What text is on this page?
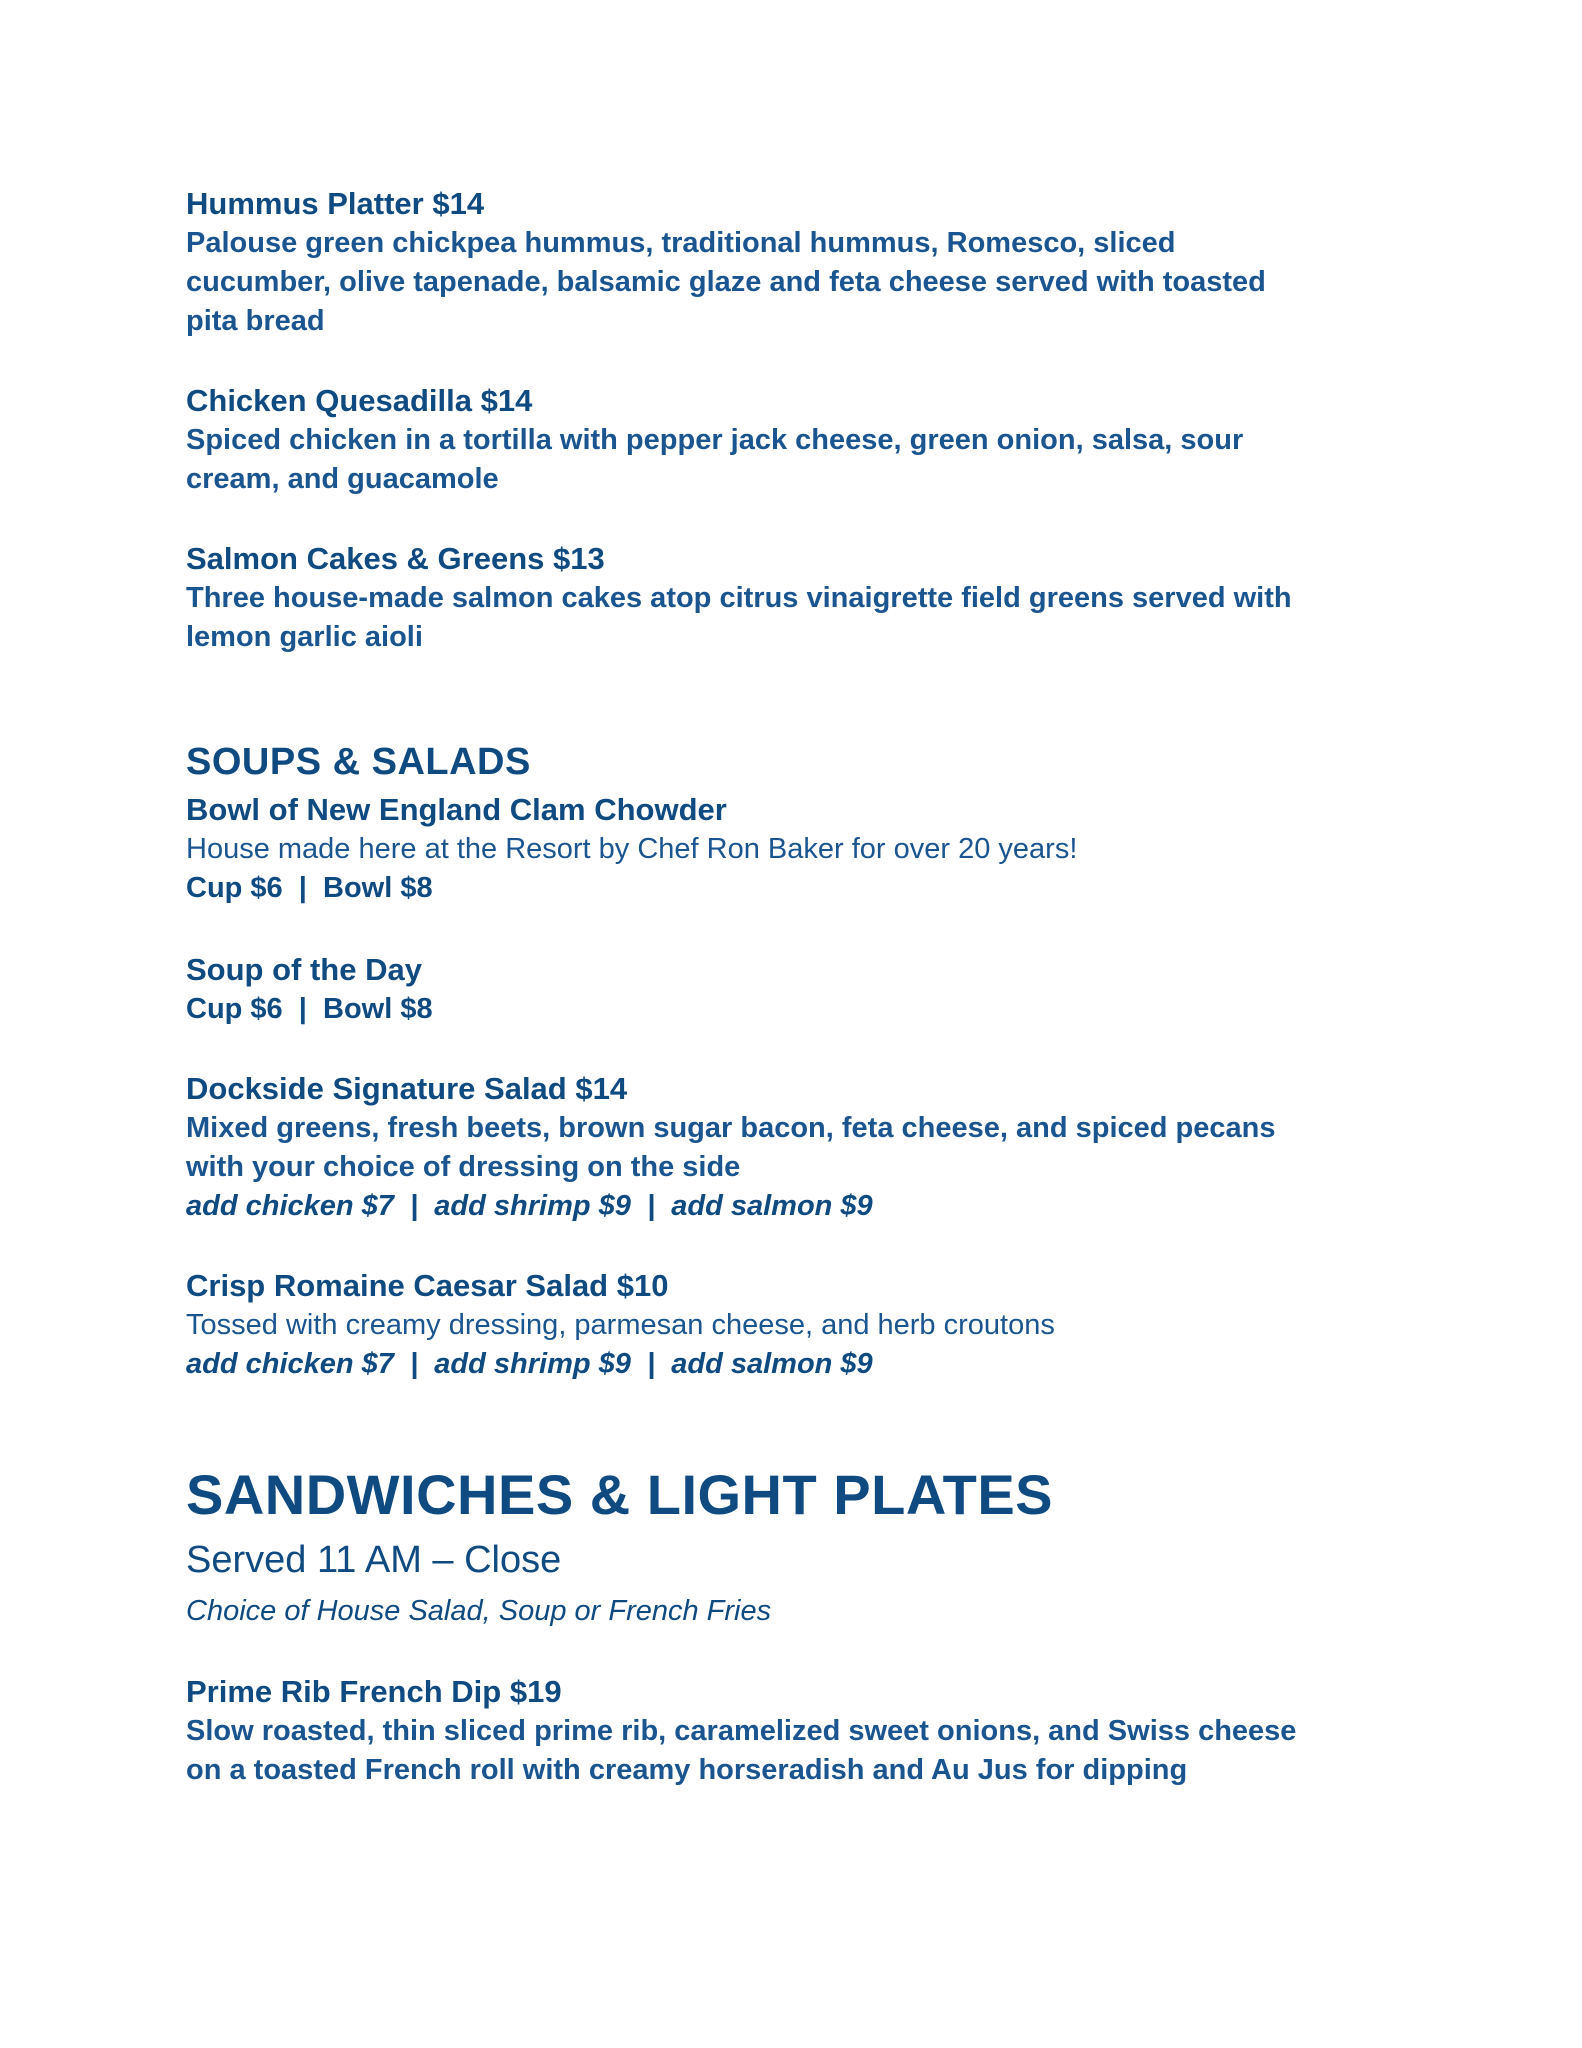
Hummus Platter $14
Palouse green chickpea hummus, traditional hummus, Romesco, sliced
cucumber, olive tapenade, balsamic glaze and feta cheese served with toasted
pita bread
Chicken Quesadilla $14
Spiced chicken in a tortilla with pepper jack cheese, green onion, salsa, sour
cream, and guacamole
Salmon Cakes & Greens $13
Three house-made salmon cakes atop citrus vinaigrette field greens served with
lemon garlic aioli
SOUPS & SALADS
Bowl of New England Clam Chowder
House made here at the Resort by Chef Ron Baker for over 20 years!
Cup $6  |  Bowl $8
Soup of the Day
Cup $6  |  Bowl $8
Dockside Signature Salad $14
Mixed greens, fresh beets, brown sugar bacon, feta cheese, and spiced pecans
with your choice of dressing on the side
add chicken $7  |  add shrimp $9  |  add salmon $9
Crisp Romaine Caesar Salad $10
Tossed with creamy dressing, parmesan cheese, and herb croutons
add chicken $7  |  add shrimp $9  |  add salmon $9
SANDWICHES & LIGHT PLATES
Served 11 AM – Close
Choice of House Salad, Soup or French Fries
Prime Rib French Dip $19
Slow roasted, thin sliced prime rib, caramelized sweet onions, and Swiss cheese
on a toasted French roll with creamy horseradish and Au Jus for dipping
